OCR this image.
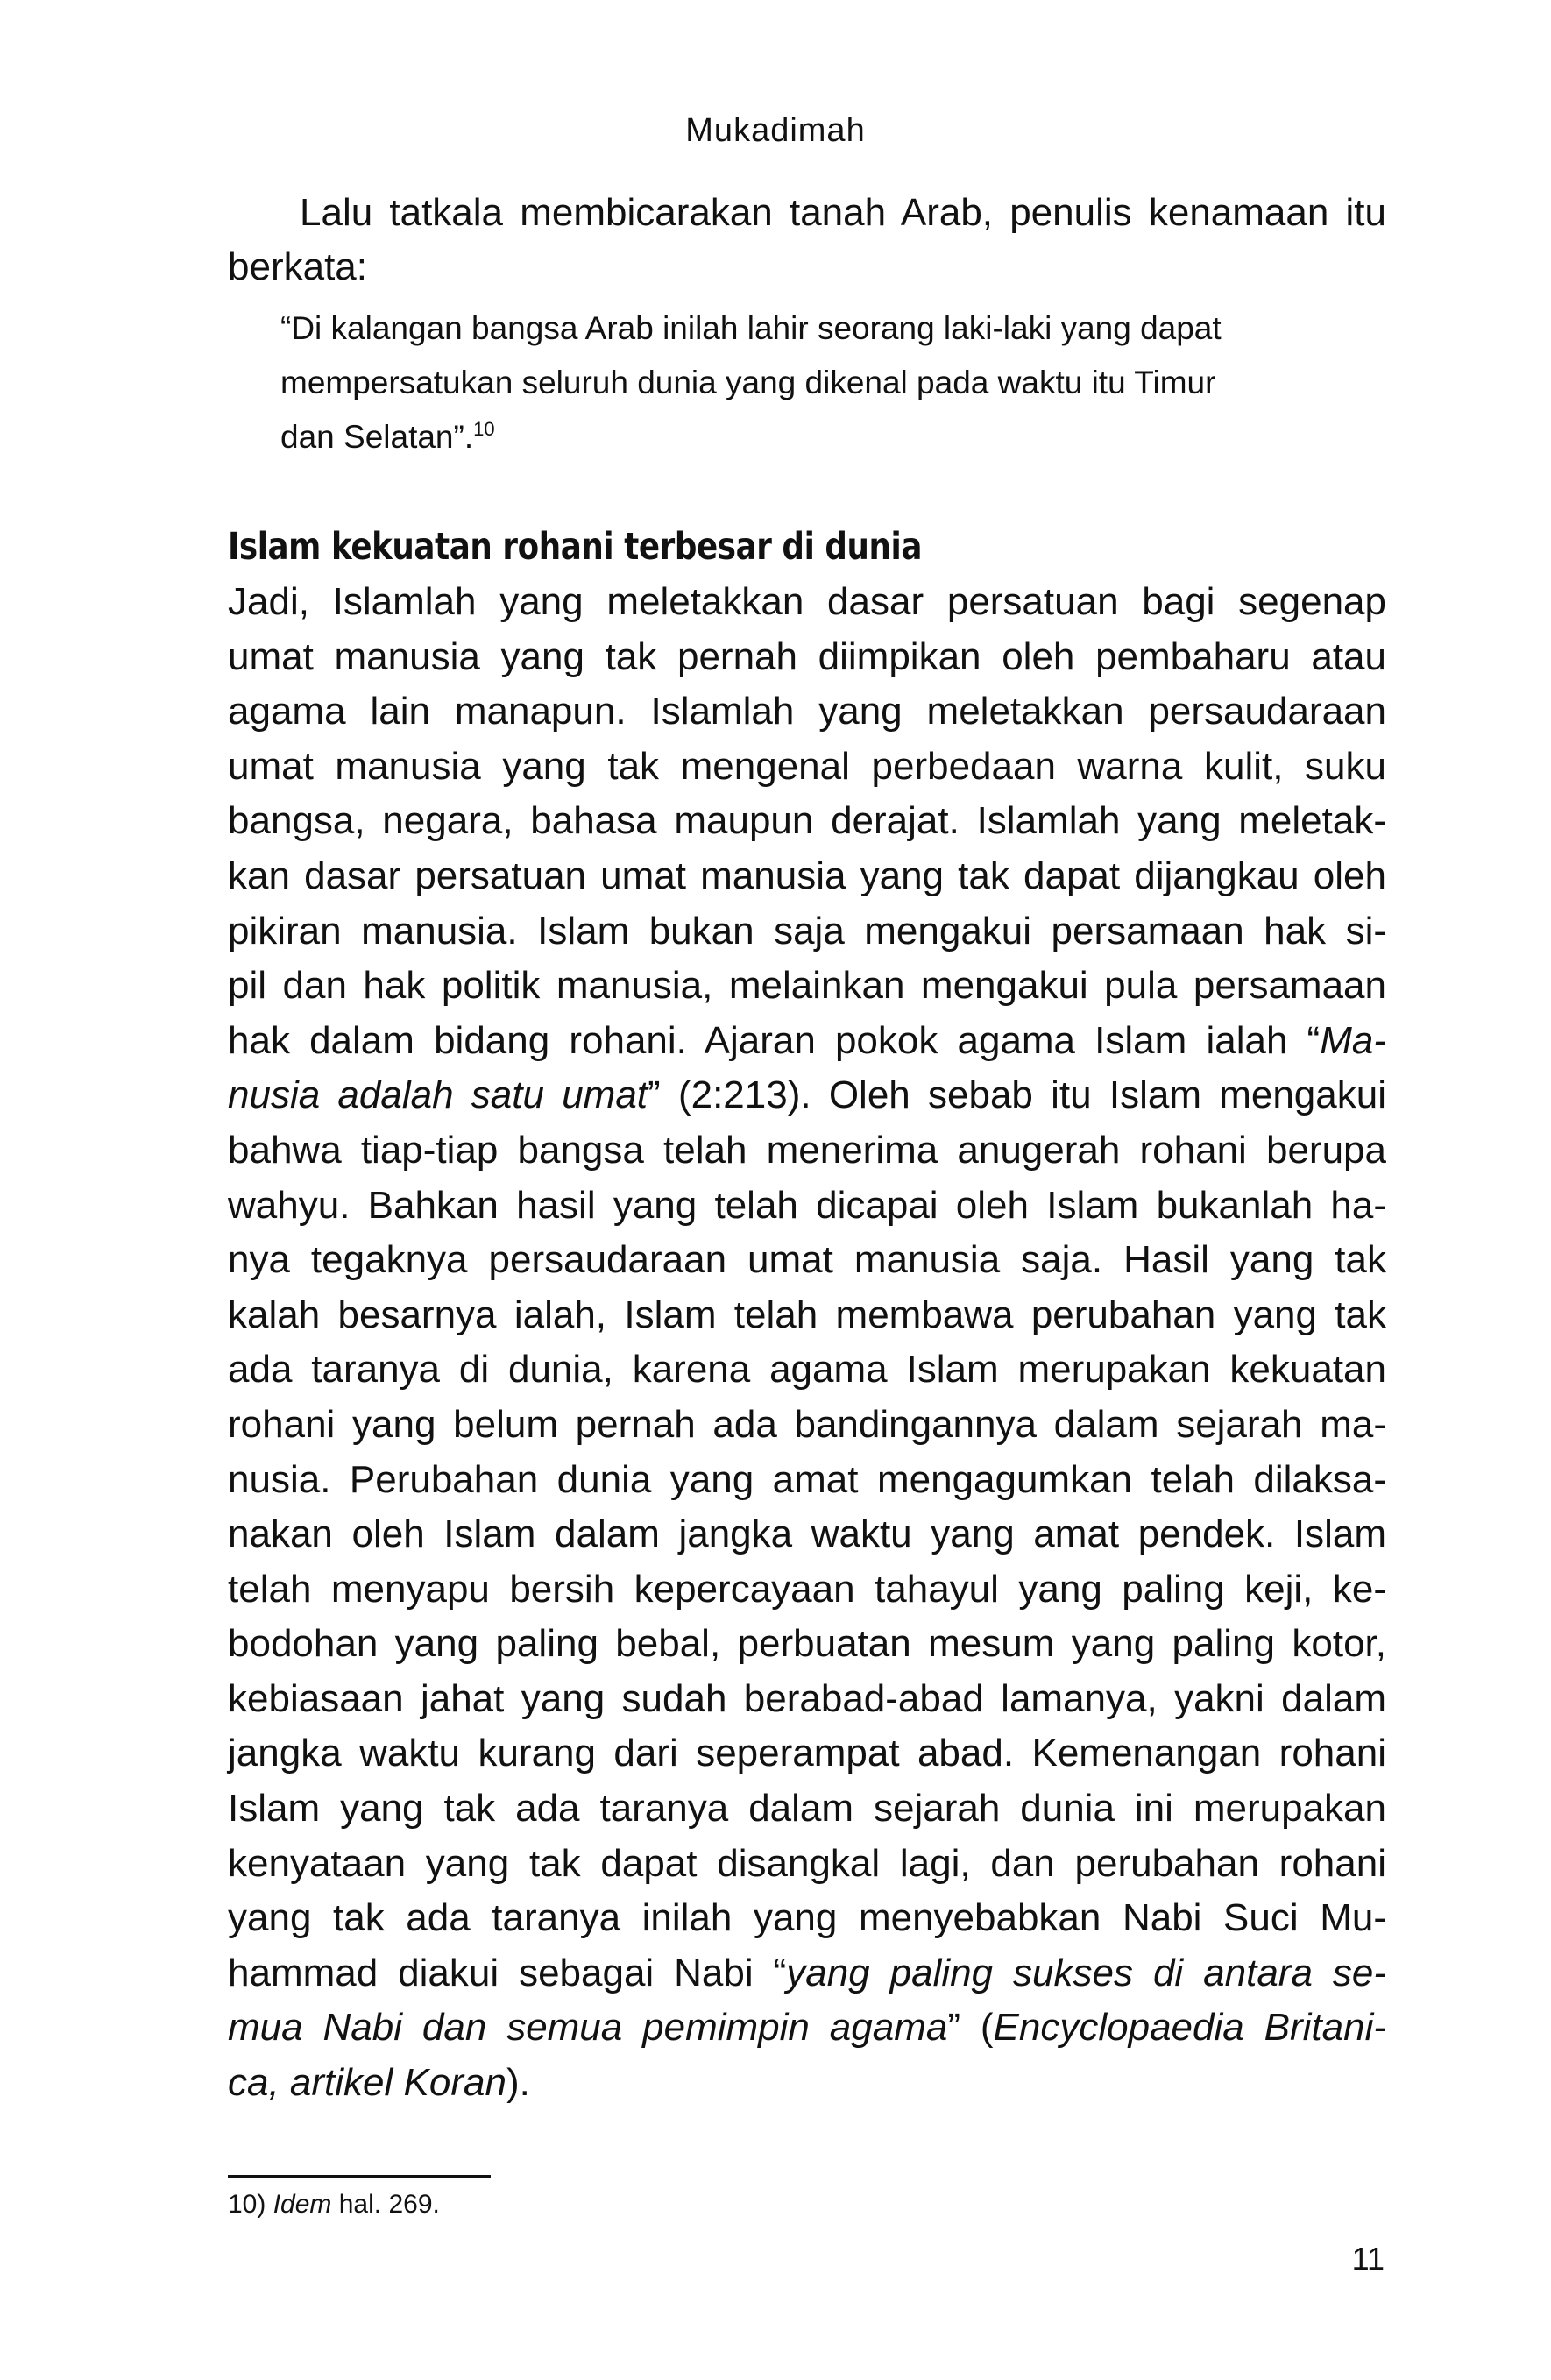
Mukadimah

Lalu tatkala membicarakan tanah Arab, penulis kenamaan itu berkata:

“Di kalangan bangsa Arab inilah lahir seorang laki-laki yang dapat
mempersatukan seluruh dunia yang dikenal pada waktu itu Timur
dan Selatan”.$^{10}$
Islam kekuatan rohani terbesar di dunia
Jadi, Islamlah yang meletakkan dasar persatuan bagi segenap
umat manusia yang tak pernah diimpikan oleh pembaharu atau
agama lain manapun. Islamlah yang meletakkan persaudaraan
umat manusia yang tak mengenal perbedaan warna kulit, suku
bangsa, negara, bahasa maupun derajat. Islamlah yang meletak-
kan dasar persatuan umat manusia yang tak dapat dijangkau oleh
pikiran manusia. Islam bukan saja mengakui persamaan hak si-
pil dan hak politik manusia, melainkan mengakui pula persamaan
hak dalam bidang rohani. Ajaran pokok agama Islam ialah “Ma-
nusia adalah satu umat” (2:213). Oleh sebab itu Islam mengakui
bahwa tiap-tiap bangsa telah menerima anugerah rohani berupa
wahyu. Bahkan hasil yang telah dicapai oleh Islam bukanlah ha-
nya tegaknya persaudaraan umat manusia saja. Hasil yang tak
kalah besarnya ialah, Islam telah membawa perubahan yang tak
ada taranya di dunia, karena agama Islam merupakan kekuatan
rohani yang belum pernah ada bandingannya dalam sejarah ma-
nusia. Perubahan dunia yang amat mengagumkan telah dilaksa-
nakan oleh Islam dalam jangka waktu yang amat pendek. Islam
telah menyapu bersih kepercayaan tahayul yang paling keji, ke-
bodohan yang paling bebal, perbuatan mesum yang paling kotor,
kebiasaan jahat yang sudah berabad-abad lamanya, yakni dalam
jangka waktu kurang dari seperampat abad. Kemenangan rohani
Islam yang tak ada taranya dalam sejarah dunia ini merupakan
kenyataan yang tak dapat disangkal lagi, dan perubahan rohani
yang tak ada taranya inilah yang menyebabkan Nabi Suci Mu-
hammad diakui sebagai Nabi “yang paling sukses di antara se-
mua Nabi dan semua pemimpin agama” (Encyclopaedia Britani-
ca, artikel Koran).
10) Idem hal. 269.
11
